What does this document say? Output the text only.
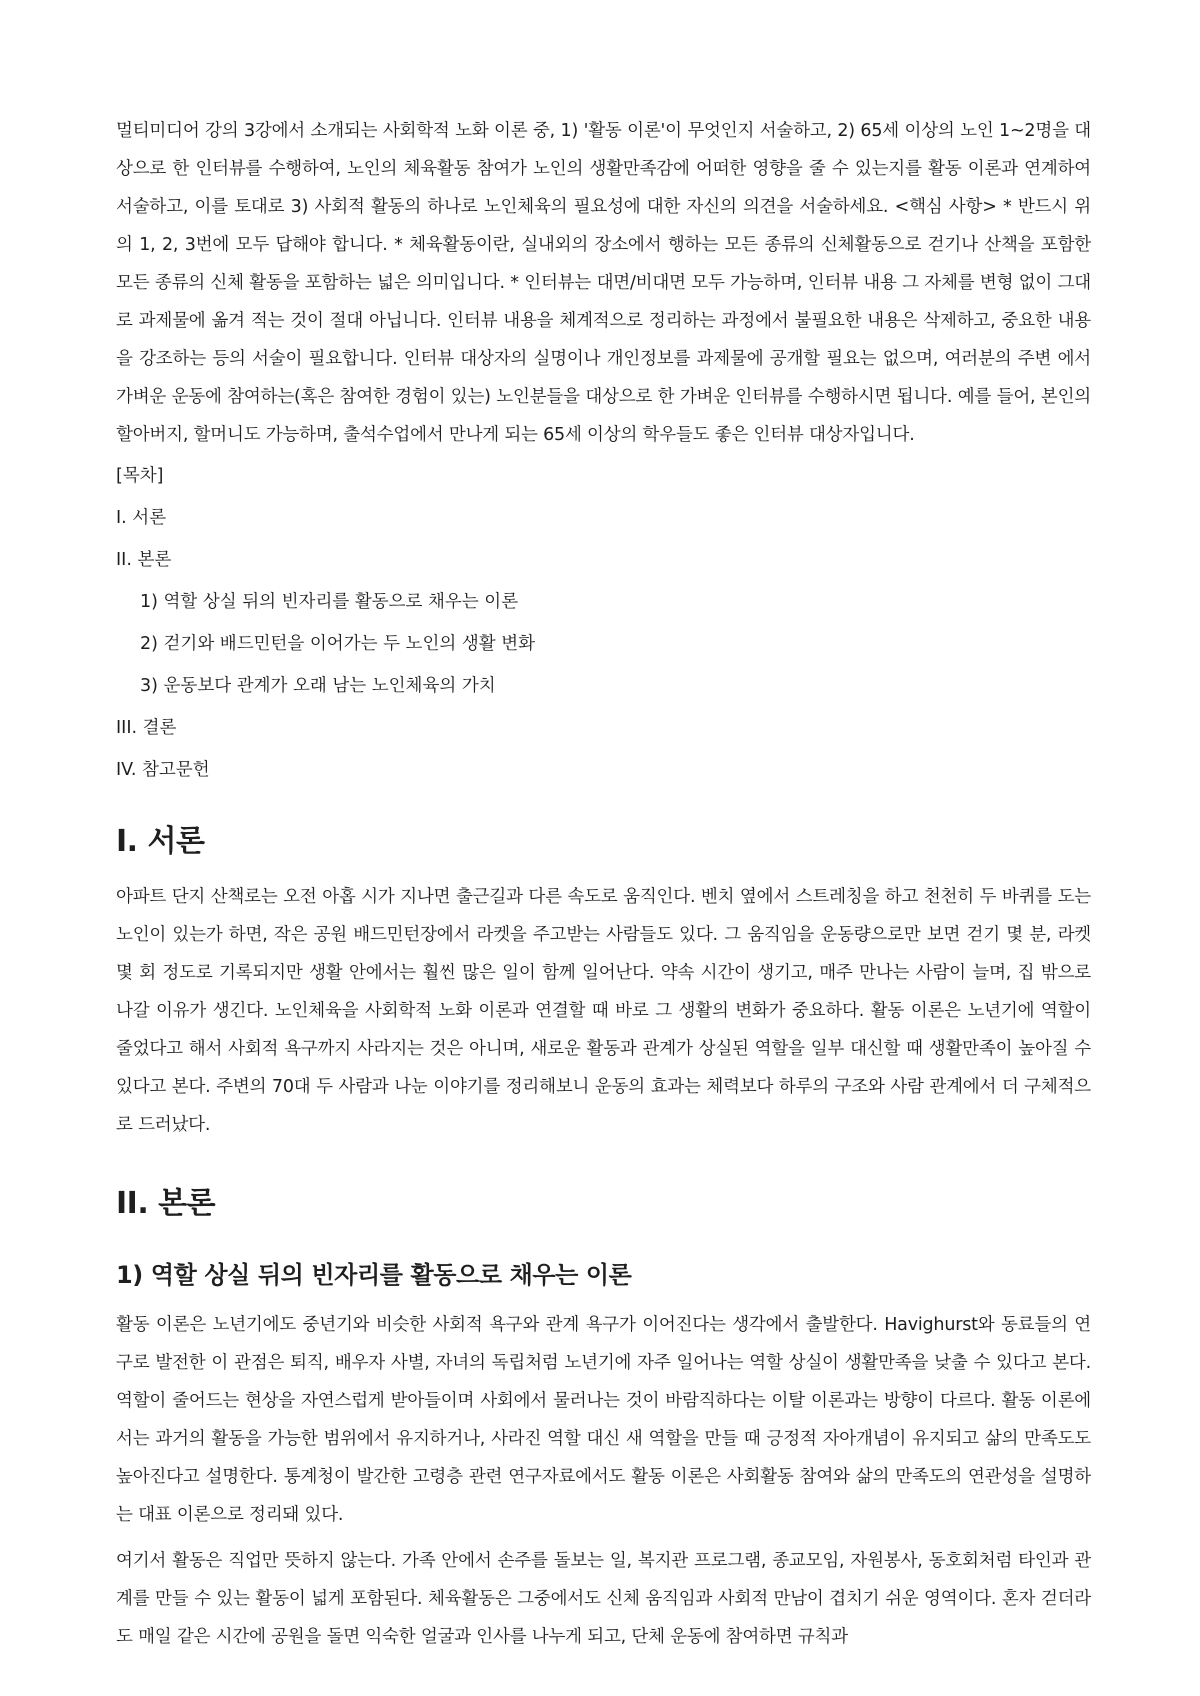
멀티미디어 강의 3강에서 소개되는 사회학적 노화 이론 중, 1) '활동 이론'이 무엇인지 서술하고, 2) 65세 이상의 노인 1~2명을 대상으로 한 인터뷰를 수행하여, 노인의 체육활동 참여가 노인의 생활만족감에 어떠한 영향을 줄 수 있는지를 활동 이론과 연계하여 서술하고, 이를 토대로 3) 사회적 활동의 하나로 노인체육의 필요성에 대한 자신의 의견을 서술하세요. <핵심 사항> * 반드시 위의 1, 2, 3번에 모두 답해야 합니다. * 체육활동이란, 실내외의 장소에서 행하는 모든 종류의 신체활동으로 걷기나 산책을 포함한 모든 종류의 신체 활동을 포함하는 넓은 의미입니다. * 인터뷰는 대면/비대면 모두 가능하며, 인터뷰 내용 그 자체를 변형 없이 그대로 과제물에 옮겨 적는 것이 절대 아닙니다. 인터뷰 내용을 체계적으로 정리하는 과정에서 불필요한 내용은 삭제하고, 중요한 내용을 강조하는 등의 서술이 필요합니다. 인터뷰 대상자의 실명이나 개인정보를 과제물에 공개할 필요는 없으며, 여러분의 주변 에서 가벼운 운동에 참여하는(혹은 참여한 경험이 있는) 노인분들을 대상으로 한 가벼운 인터뷰를 수행하시면 됩니다. 예를 들어, 본인의 할아버지, 할머니도 가능하며, 출석수업에서 만나게 되는 65세 이상의 학우들도 좋은 인터뷰 대상자입니다.

[목차]
I. 서론
II. 본론
1) 역할 상실 뒤의 빈자리를 활동으로 채우는 이론
2) 걷기와 배드민턴을 이어가는 두 노인의 생활 변화
3) 운동보다 관계가 오래 남는 노인체육의 가치
III. 결론
IV. 참고문헌
I. 서론

아파트 단지 산책로는 오전 아홉 시가 지나면 출근길과 다른 속도로 움직인다. 벤치 옆에서 스트레칭을 하고 천천히 두 바퀴를 도는 노인이 있는가 하면, 작은 공원 배드민턴장에서 라켓을 주고받는 사람들도 있다. 그 움직임을 운동량으로만 보면 걷기 몇 분, 라켓 몇 회 정도로 기록되지만 생활 안에서는 훨씬 많은 일이 함께 일어난다. 약속 시간이 생기고, 매주 만나는 사람이 늘며, 집 밖으로 나갈 이유가 생긴다. 노인체육을 사회학적 노화 이론과 연결할 때 바로 그 생활의 변화가 중요하다. 활동 이론은 노년기에 역할이 줄었다고 해서 사회적 욕구까지 사라지는 것은 아니며, 새로운 활동과 관계가 상실된 역할을 일부 대신할 때 생활만족이 높아질 수 있다고 본다. 주변의 70대 두 사람과 나눈 이야기를 정리해보니 운동의 효과는 체력보다 하루의 구조와 사람 관계에서 더 구체적으로 드러났다.

II. 본론
1) 역할 상실 뒤의 빈자리를 활동으로 채우는 이론

활동 이론은 노년기에도 중년기와 비슷한 사회적 욕구와 관계 욕구가 이어진다는 생각에서 출발한다. Havighurst와 동료들의 연구로 발전한 이 관점은 퇴직, 배우자 사별, 자녀의 독립처럼 노년기에 자주 일어나는 역할 상실이 생활만족을 낮출 수 있다고 본다. 역할이 줄어드는 현상을 자연스럽게 받아들이며 사회에서 물러나는 것이 바람직하다는 이탈 이론과는 방향이 다르다. 활동 이론에서는 과거의 활동을 가능한 범위에서 유지하거나, 사라진 역할 대신 새 역할을 만들 때 긍정적 자아개념이 유지되고 삶의 만족도도 높아진다고 설명한다. 통계청이 발간한 고령층 관련 연구자료에서도 활동 이론은 사회활동 참여와 삶의 만족도의 연관성을 설명하는 대표 이론으로 정리돼 있다.

여기서 활동은 직업만 뜻하지 않는다. 가족 안에서 손주를 돌보는 일, 복지관 프로그램, 종교모임, 자원봉사, 동호회처럼 타인과 관계를 만들 수 있는 활동이 넓게 포함된다. 체육활동은 그중에서도 신체 움직임과 사회적 만남이 겹치기 쉬운 영역이다. 혼자 걷더라도 매일 같은 시간에 공원을 돌면 익숙한 얼굴과 인사를 나누게 되고, 단체 운동에 참여하면 규칙과
